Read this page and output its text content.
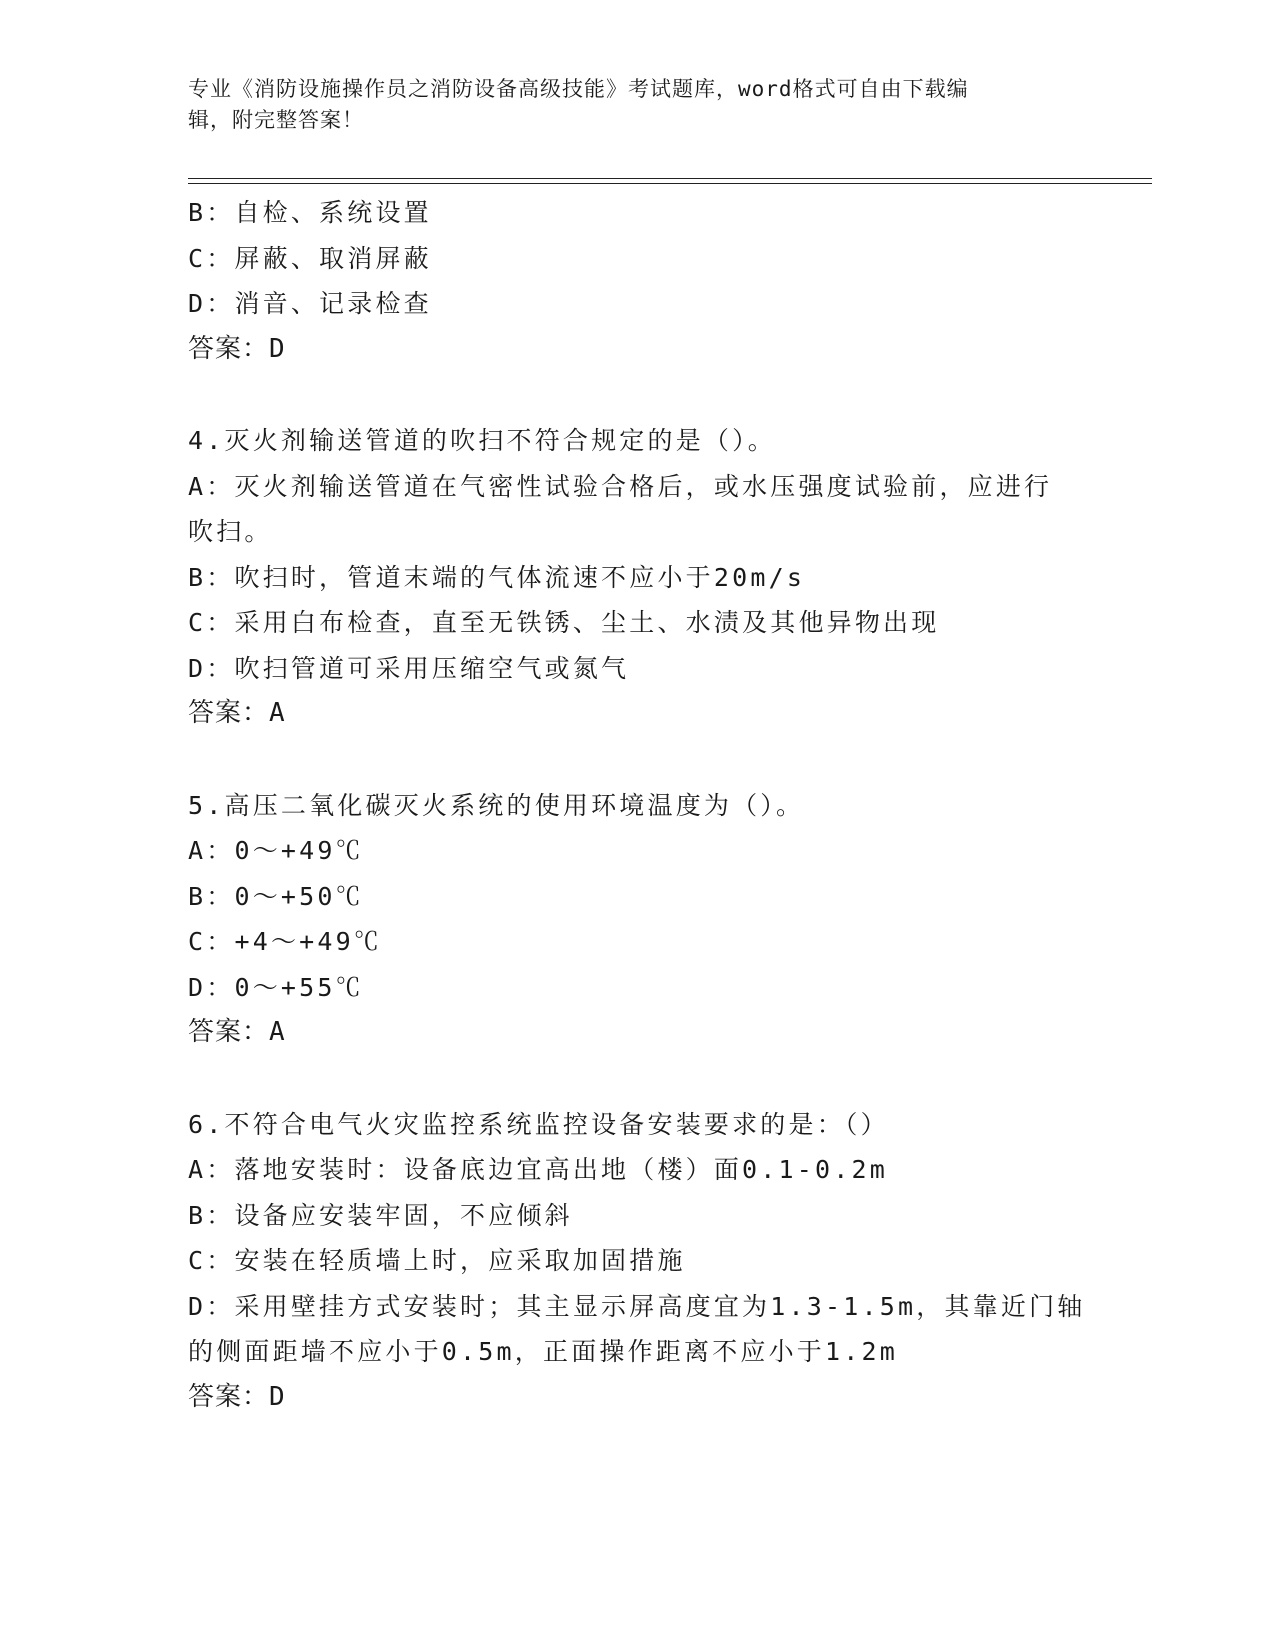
专业《消防设施操作员之消防设备高级技能》考试题库，word格式可自由下载编
辑，附完整答案！
B：自检、系统设置
C：屏蔽、取消屏蔽
D：消音、记录检查
答案：D
4.灭火剂输送管道的吹扫不符合规定的是（）。
A：灭火剂输送管道在气密性试验合格后，或水压强度试验前，应进行
吹扫。
B：吹扫时，管道末端的气体流速不应小于20m/s
C：采用白布检查，直至无铁锈、尘土、水渍及其他异物出现
D：吹扫管道可采用压缩空气或氮气
答案：A
5.高压二氧化碳灭火系统的使用环境温度为（）。
A：0～+49℃
B：0～+50℃
C：+4～+49℃
D：0～+55℃
答案：A
6.不符合电气火灾监控系统监控设备安装要求的是：（）
A：落地安装时：设备底边宜高出地（楼）面0.1-0.2m
B：设备应安装牢固，不应倾斜
C：安装在轻质墙上时，应采取加固措施
D：采用壁挂方式安装时；其主显示屏高度宜为1.3-1.5m，其靠近门轴
的侧面距墙不应小于0.5m，正面操作距离不应小于1.2m
答案：D
